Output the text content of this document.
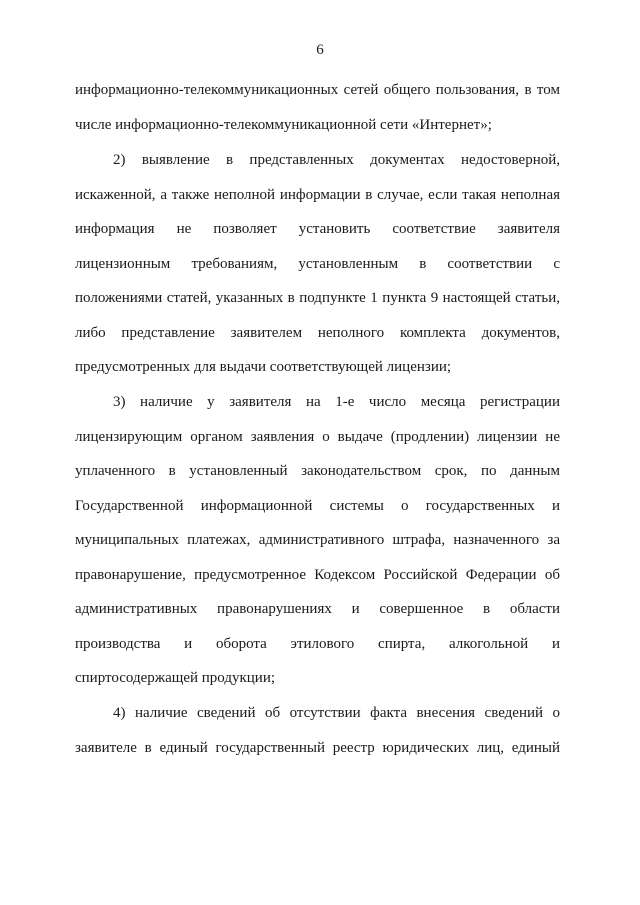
6
информационно-телекоммуникационных сетей общего пользования, в том
числе информационно-телекоммуникационной сети «Интернет»;
2) выявление в представленных документах недостоверной,
искаженной, а также неполной информации в случае, если такая неполная
информация не позволяет установить соответствие заявителя
лицензионным требованиям, установленным в соответствии с
положениями статей, указанных в подпункте 1 пункта 9 настоящей статьи,
либо представление заявителем неполного комплекта документов,
предусмотренных для выдачи соответствующей лицензии;
3) наличие у заявителя на 1-е число месяца регистрации
лицензирующим органом заявления о выдаче (продлении) лицензии не
уплаченного в установленный законодательством срок, по данным
Государственной информационной системы о государственных и
муниципальных платежах, административного штрафа, назначенного за
правонарушение, предусмотренное Кодексом Российской Федерации об
административных правонарушениях и совершенное в области
производства и оборота этилового спирта, алкогольной и
спиртосодержащей продукции;
4) наличие сведений об отсутствии факта внесения сведений о
заявителе в единый государственный реестр юридических лиц, единый
